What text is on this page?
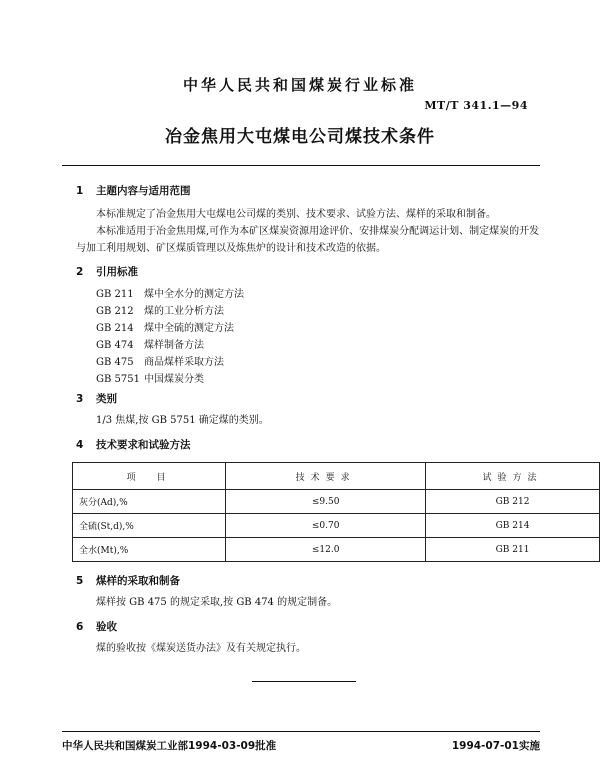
中华人民共和国煤炭行业标准
MT/T 341.1—94
冶金焦用大屯煤电公司煤技术条件
1 主题内容与适用范围
本标准规定了冶金焦用大屯煤电公司煤的类别、技术要求、试验方法、煤样的采取和制备。
本标准适用于冶金焦用煤,可作为本矿区煤炭资源用途评价、安排煤炭分配调运计划、制定煤炭的开发与加工利用规划、矿区煤质管理以及炼焦炉的设计和技术改造的依据。
2 引用标准
GB 211 煤中全水分的测定方法
GB 212 煤的工业分析方法
GB 214 煤中全硫的测定方法
GB 474 煤样制备方法
GB 475 商品煤样采取方法
GB 5751 中国煤炭分类
3 类别
1/3 焦煤,按 GB 5751 确定煤的类别。
4 技术要求和试验方法
项　目	技术要求	试验方法
灰分(Ad),%	≤9.50	GB 212
全硫(St,d),%	≤0.70	GB 214
全水(Mt),%	≤12.0	GB 211
5 煤样的采取和制备
煤样按 GB 475 的规定采取,按 GB 474 的规定制备。
6 验收
煤的验收按《煤炭送货办法》及有关规定执行。
中华人民共和国煤炭工业部1994-03-09批准	1994-07-01实施
